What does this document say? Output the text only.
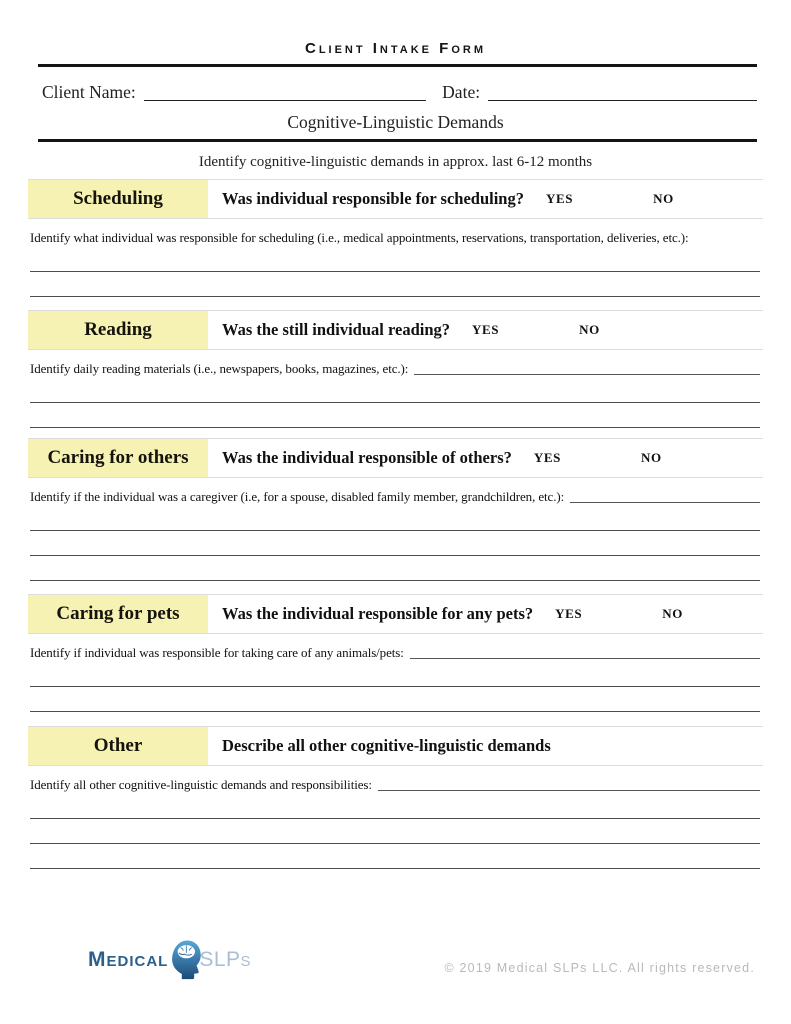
Client Intake Form
Client Name:	Date:
Cognitive-Linguistic Demands
Identify cognitive-linguistic demands in approx. last 6-12 months
Scheduling	Was individual responsible for scheduling? YES	NO
Identify what individual was responsible for scheduling (i.e., medical appointments, reservations, transportation, deliveries, etc.):
Reading	Was the still individual reading? YES	NO
Identify daily reading materials (i.e., newspapers, books, magazines, etc.):
Caring for others	Was the individual responsible of others? YES	NO
Identify if the individual was a caregiver (i.e, for a spouse, disabled family member, grandchildren, etc.):
Caring for pets	Was the individual responsible for any pets? YES	NO
Identify if individual was responsible for taking care of any animals/pets:
Other	Describe all other cognitive-linguistic demands
Identify all other cognitive-linguistic demands and responsibilities:
Medical SLPs	© 2019 Medical SLPs LLC. All rights reserved.
